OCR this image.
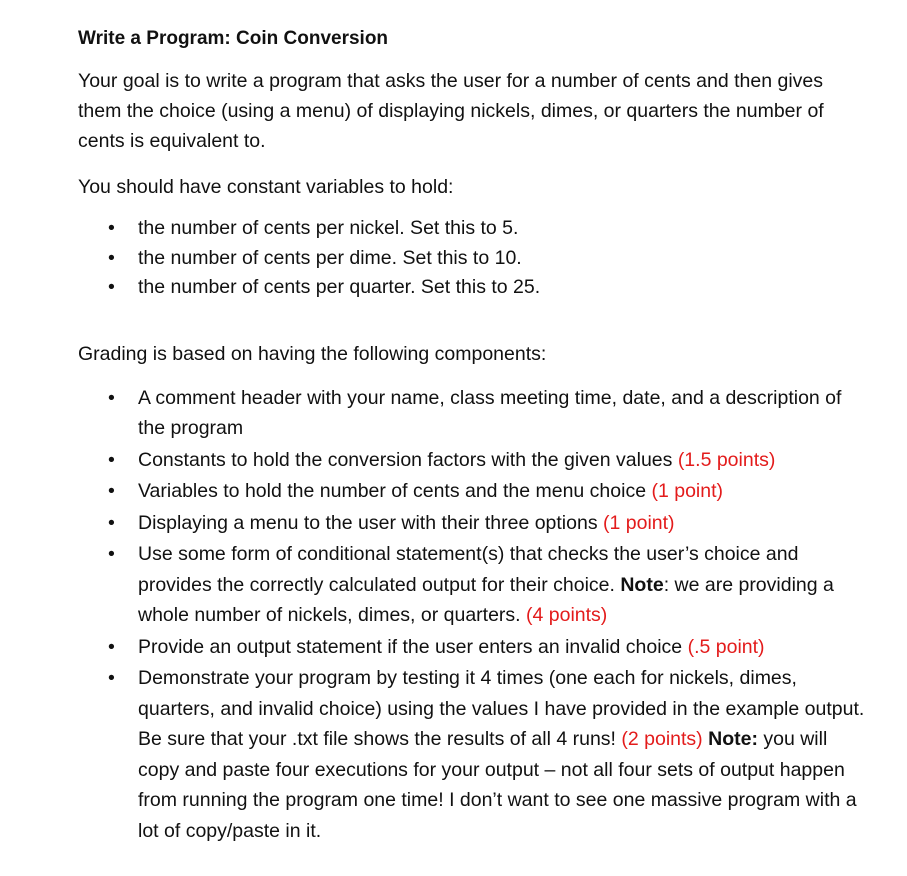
Write a Program: Coin Conversion

Your goal is to write a program that asks the user for a number of cents and then gives them the choice (using a menu) of displaying nickels, dimes, or quarters the number of cents is equivalent to.

You should have constant variables to hold:

• the number of cents per nickel. Set this to 5.
• the number of cents per dime. Set this to 10.
• the number of cents per quarter. Set this to 25.

Grading is based on having the following components:

• A comment header with your name, class meeting time, date, and a description of the program
• Constants to hold the conversion factors with the given values (1.5 points)
• Variables to hold the number of cents and the menu choice (1 point)
• Displaying a menu to the user with their three options (1 point)
• Use some form of conditional statement(s) that checks the user’s choice and provides the correctly calculated output for their choice. Note: we are providing a whole number of nickels, dimes, or quarters. (4 points)
• Provide an output statement if the user enters an invalid choice (.5 point)
• Demonstrate your program by testing it 4 times (one each for nickels, dimes, quarters, and invalid choice) using the values I have provided in the example output. Be sure that your .txt file shows the results of all 4 runs! (2 points) Note: you will copy and paste four executions for your output – not all four sets of output happen from running the program one time! I don’t want to see one massive program with a lot of copy/paste in it.
